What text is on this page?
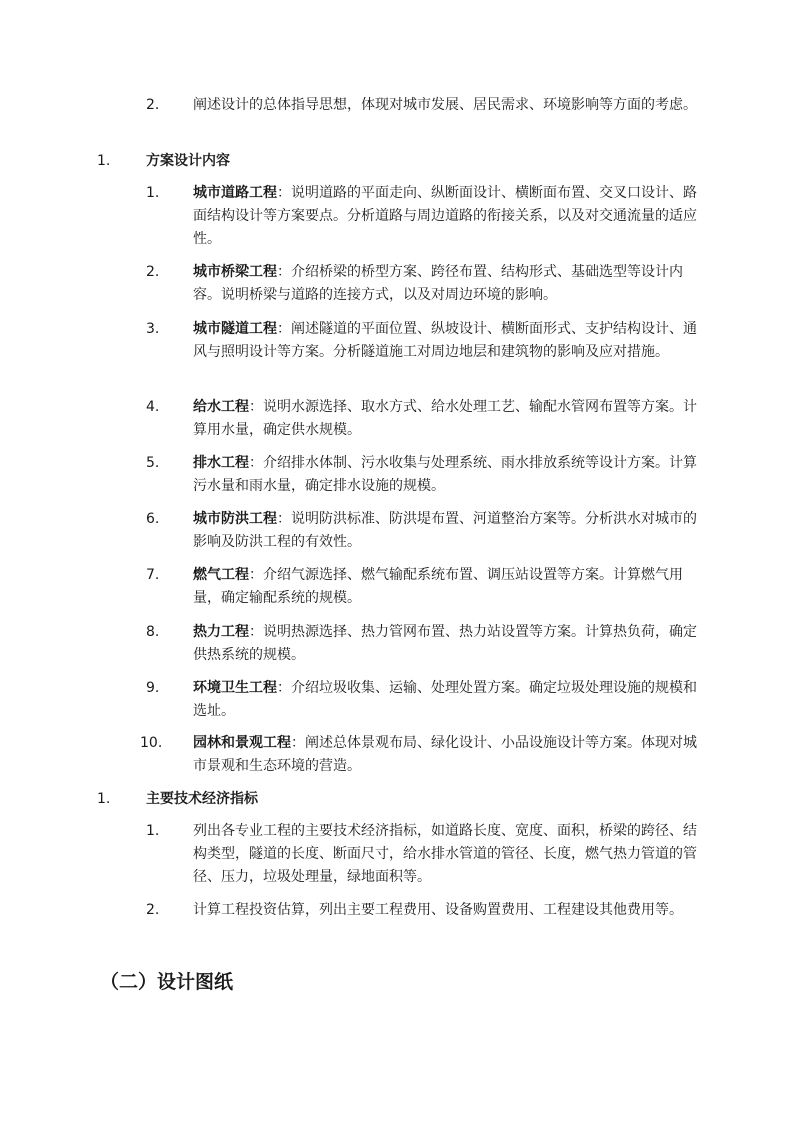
2. 阐述设计的总体指导思想，体现对城市发展、居民需求、环境影响等方面的考虑。
1.	方案设计内容
1. 城市道路工程：说明道路的平面走向、纵断面设计、横断面布置、交叉口设计、路面结构设计等方案要点。分析道路与周边道路的衔接关系，以及对交通流量的适应性。
2. 城市桥梁工程：介绍桥梁的桥型方案、跨径布置、结构形式、基础选型等设计内容。说明桥梁与道路的连接方式，以及对周边环境的影响。
3. 城市隧道工程：阐述隧道的平面位置、纵坡设计、横断面形式、支护结构设计、通风与照明设计等方案。分析隧道施工对周边地层和建筑物的影响及应对措施。
4. 给水工程：说明水源选择、取水方式、给水处理工艺、输配水管网布置等方案。计算用水量，确定供水规模。
5. 排水工程：介绍排水体制、污水收集与处理系统、雨水排放系统等设计方案。计算污水量和雨水量，确定排水设施的规模。
6. 城市防洪工程：说明防洪标准、防洪堤布置、河道整治方案等。分析洪水对城市的影响及防洪工程的有效性。
7. 燃气工程：介绍气源选择、燃气输配系统布置、调压站设置等方案。计算燃气用量，确定输配系统的规模。
8. 热力工程：说明热源选择、热力管网布置、热力站设置等方案。计算热负荷，确定供热系统的规模。
9. 环境卫生工程：介绍垃圾收集、运输、处理处置方案。确定垃圾处理设施的规模和选址。
10. 园林和景观工程：阐述总体景观布局、绿化设计、小品设施设计等方案。体现对城市景观和生态环境的营造。
1.	主要技术经济指标
1. 列出各专业工程的主要技术经济指标，如道路长度、宽度、面积，桥梁的跨径、结构类型，隧道的长度、断面尺寸，给水排水管道的管径、长度，燃气热力管道的管径、压力，垃圾处理量，绿地面积等。
2. 计算工程投资估算，列出主要工程费用、设备购置费用、工程建设其他费用等。
（二）设计图纸
